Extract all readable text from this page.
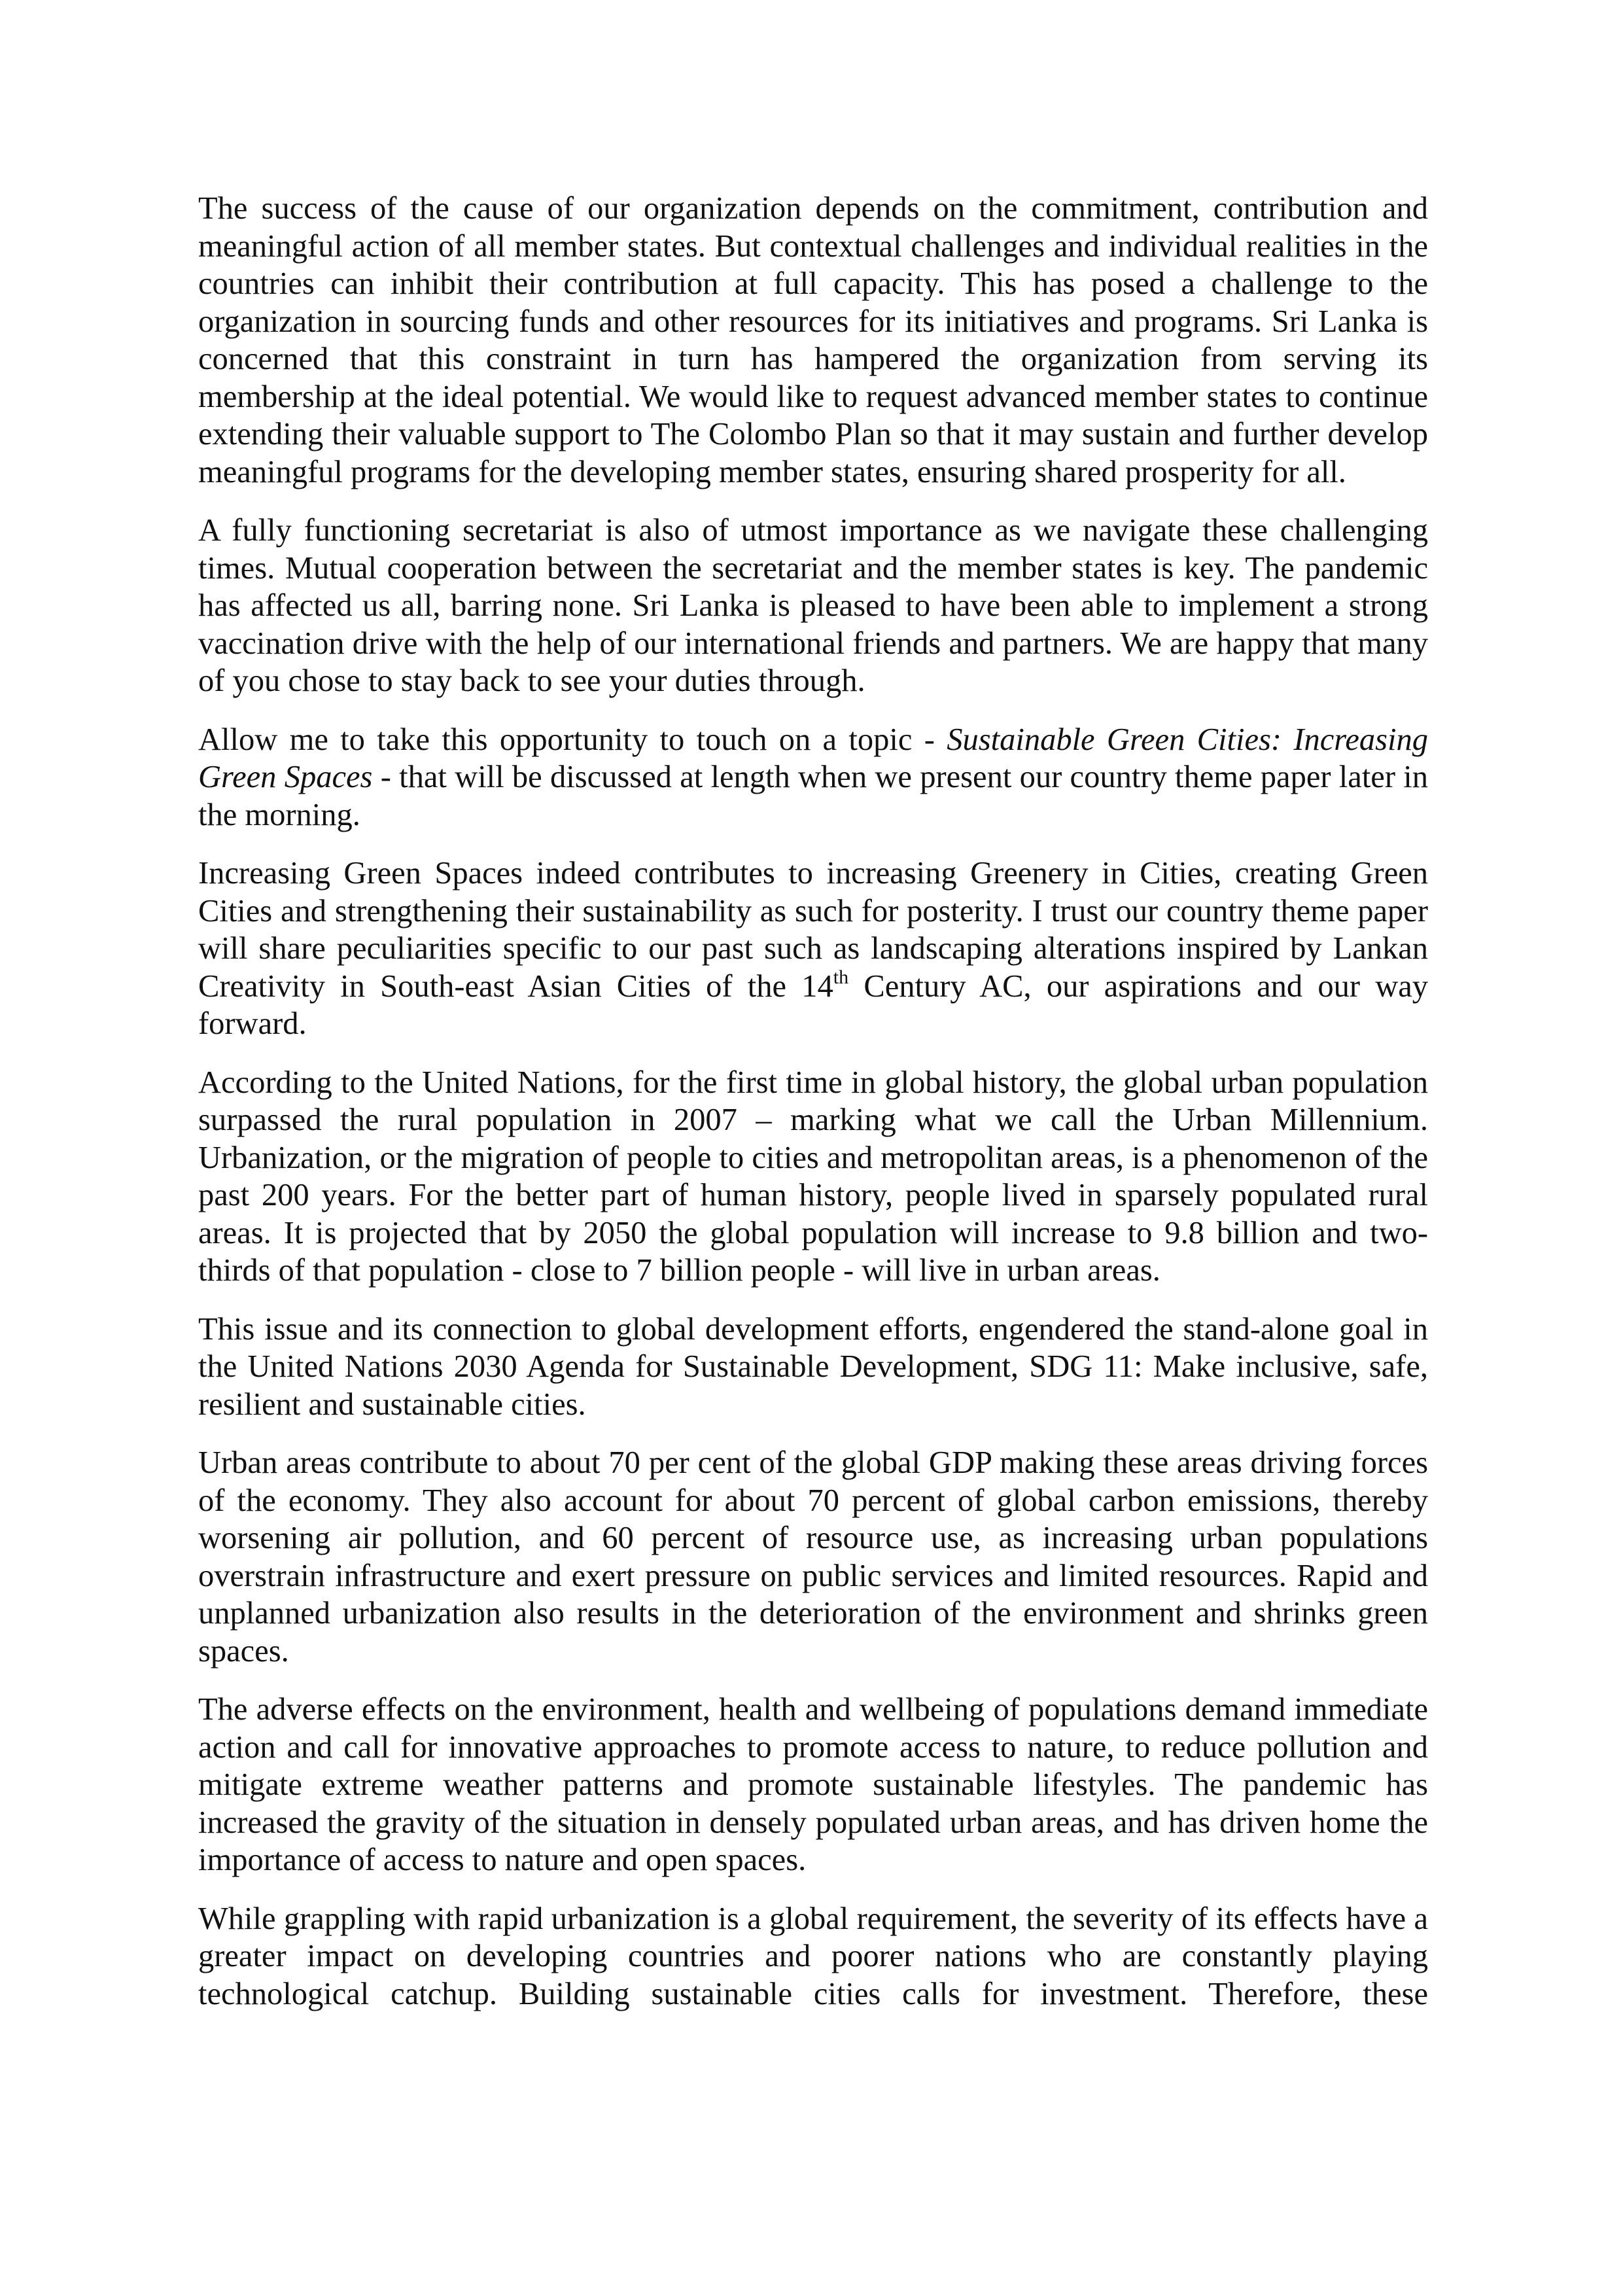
The success of the cause of our organization depends on the commitment, contribution and meaningful action of all member states. But contextual challenges and individual realities in the countries can inhibit their contribution at full capacity. This has posed a challenge to the organization in sourcing funds and other resources for its initiatives and programs. Sri Lanka is concerned that this constraint in turn has hampered the organization from serving its membership at the ideal potential. We would like to request advanced member states to continue extending their valuable support to The Colombo Plan so that it may sustain and further develop meaningful programs for the developing member states, ensuring shared prosperity for all.

A fully functioning secretariat is also of utmost importance as we navigate these challenging times. Mutual cooperation between the secretariat and the member states is key. The pandemic has affected us all, barring none. Sri Lanka is pleased to have been able to implement a strong vaccination drive with the help of our international friends and partners. We are happy that many of you chose to stay back to see your duties through.

Allow me to take this opportunity to touch on a topic - Sustainable Green Cities: Increasing Green Spaces - that will be discussed at length when we present our country theme paper later in the morning.

Increasing Green Spaces indeed contributes to increasing Greenery in Cities, creating Green Cities and strengthening their sustainability as such for posterity. I trust our country theme paper will share peculiarities specific to our past such as landscaping alterations inspired by Lankan Creativity in South-east Asian Cities of the 14th Century AC, our aspirations and our way forward.

According to the United Nations, for the first time in global history, the global urban population surpassed the rural population in 2007 – marking what we call the Urban Millennium. Urbanization, or the migration of people to cities and metropolitan areas, is a phenomenon of the past 200 years. For the better part of human history, people lived in sparsely populated rural areas. It is projected that by 2050 the global population will increase to 9.8 billion and two-thirds of that population - close to 7 billion people - will live in urban areas.

This issue and its connection to global development efforts, engendered the stand-alone goal in the United Nations 2030 Agenda for Sustainable Development, SDG 11: Make inclusive, safe, resilient and sustainable cities.

Urban areas contribute to about 70 per cent of the global GDP making these areas driving forces of the economy. They also account for about 70 percent of global carbon emissions, thereby worsening air pollution, and 60 percent of resource use, as increasing urban populations overstrain infrastructure and exert pressure on public services and limited resources. Rapid and unplanned urbanization also results in the deterioration of the environment and shrinks green spaces.

The adverse effects on the environment, health and wellbeing of populations demand immediate action and call for innovative approaches to promote access to nature, to reduce pollution and mitigate extreme weather patterns and promote sustainable lifestyles. The pandemic has increased the gravity of the situation in densely populated urban areas, and has driven home the importance of access to nature and open spaces.

While grappling with rapid urbanization is a global requirement, the severity of its effects have a greater impact on developing countries and poorer nations who are constantly playing technological catchup. Building sustainable cities calls for investment. Therefore, these
